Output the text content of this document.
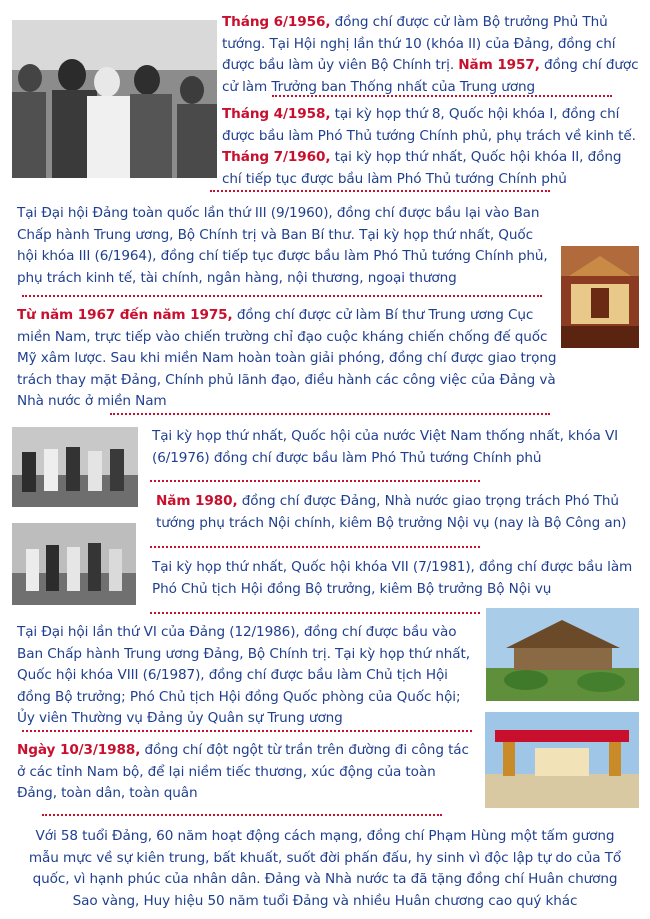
Tháng 6/1956, đồng chí được cử làm Bộ trưởng Phủ Thủ tướng. Tại Hội nghị lần thứ 10 (khóa II) của Đảng, đồng chí được bầu làm ủy viên Bộ Chính trị. Năm 1957, đồng chí được cử làm Trưởng ban Thống nhất của Trung ương
Tháng 4/1958, tại kỳ họp thứ 8, Quốc hội khóa I, đồng chí được bầu làm Phó Thủ tướng Chính phủ, phụ trách về kinh tế. Tháng 7/1960, tại kỳ họp thứ nhất, Quốc hội khóa II, đồng chí tiếp tục được bầu làm Phó Thủ tướng Chính phủ
Tại Đại hội Đảng toàn quốc lần thứ III (9/1960), đồng chí được bầu lại vào Ban Chấp hành Trung ương, Bộ Chính trị và Ban Bí thư. Tại kỳ họp thứ nhất, Quốc hội khóa III (6/1964), đồng chí tiếp tục được bầu làm Phó Thủ tướng Chính phủ, phụ trách kinh tế, tài chính, ngân hàng, nội thương, ngoại thương
Từ năm 1967 đến năm 1975, đồng chí được cử làm Bí thư Trung ương Cục miền Nam, trực tiếp vào chiến trường chỉ đạo cuộc kháng chiến chống đế quốc Mỹ xâm lược. Sau khi miền Nam hoàn toàn giải phóng, đồng chí được giao trọng trách thay mặt Đảng, Chính phủ lãnh đạo, điều hành các công việc của Đảng và Nhà nước ở miền Nam
Tại kỳ họp thứ nhất, Quốc hội của nước Việt Nam thống nhất, khóa VI (6/1976) đồng chí được bầu làm Phó Thủ tướng Chính phủ
Năm 1980, đồng chí được Đảng, Nhà nước giao trọng trách Phó Thủ tướng phụ trách Nội chính, kiêm Bộ trưởng Nội vụ (nay là Bộ Công an)
Tại kỳ họp thứ nhất, Quốc hội khóa VII (7/1981), đồng chí được bầu làm Phó Chủ tịch Hội đồng Bộ trưởng, kiêm Bộ trưởng Bộ Nội vụ
Tại Đại hội lần thứ VI của Đảng (12/1986), đồng chí được bầu vào Ban Chấp hành Trung ương Đảng, Bộ Chính trị. Tại kỳ họp thứ nhất, Quốc hội khóa VIII (6/1987), đồng chí được bầu làm Chủ tịch Hội đồng Bộ trưởng; Phó Chủ tịch Hội đồng Quốc phòng của Quốc hội; Ủy viên Thường vụ Đảng ủy Quân sự Trung ương
Ngày 10/3/1988, đồng chí đột ngột từ trần trên đường đi công tác ở các tỉnh Nam bộ, để lại niềm tiếc thương, xúc động của toàn Đảng, toàn dân, toàn quân
Với 58 tuổi Đảng, 60 năm hoạt động cách mạng, đồng chí Phạm Hùng một tấm gương mẫu mực về sự kiên trung, bất khuất, suốt đời phấn đấu, hy sinh vì độc lập tự do của Tổ quốc, vì hạnh phúc của nhân dân. Đảng và Nhà nước ta đã tặng đồng chí Huân chương Sao vàng, Huy hiệu 50 năm tuổi Đảng và nhiều Huân chương cao quý khác
